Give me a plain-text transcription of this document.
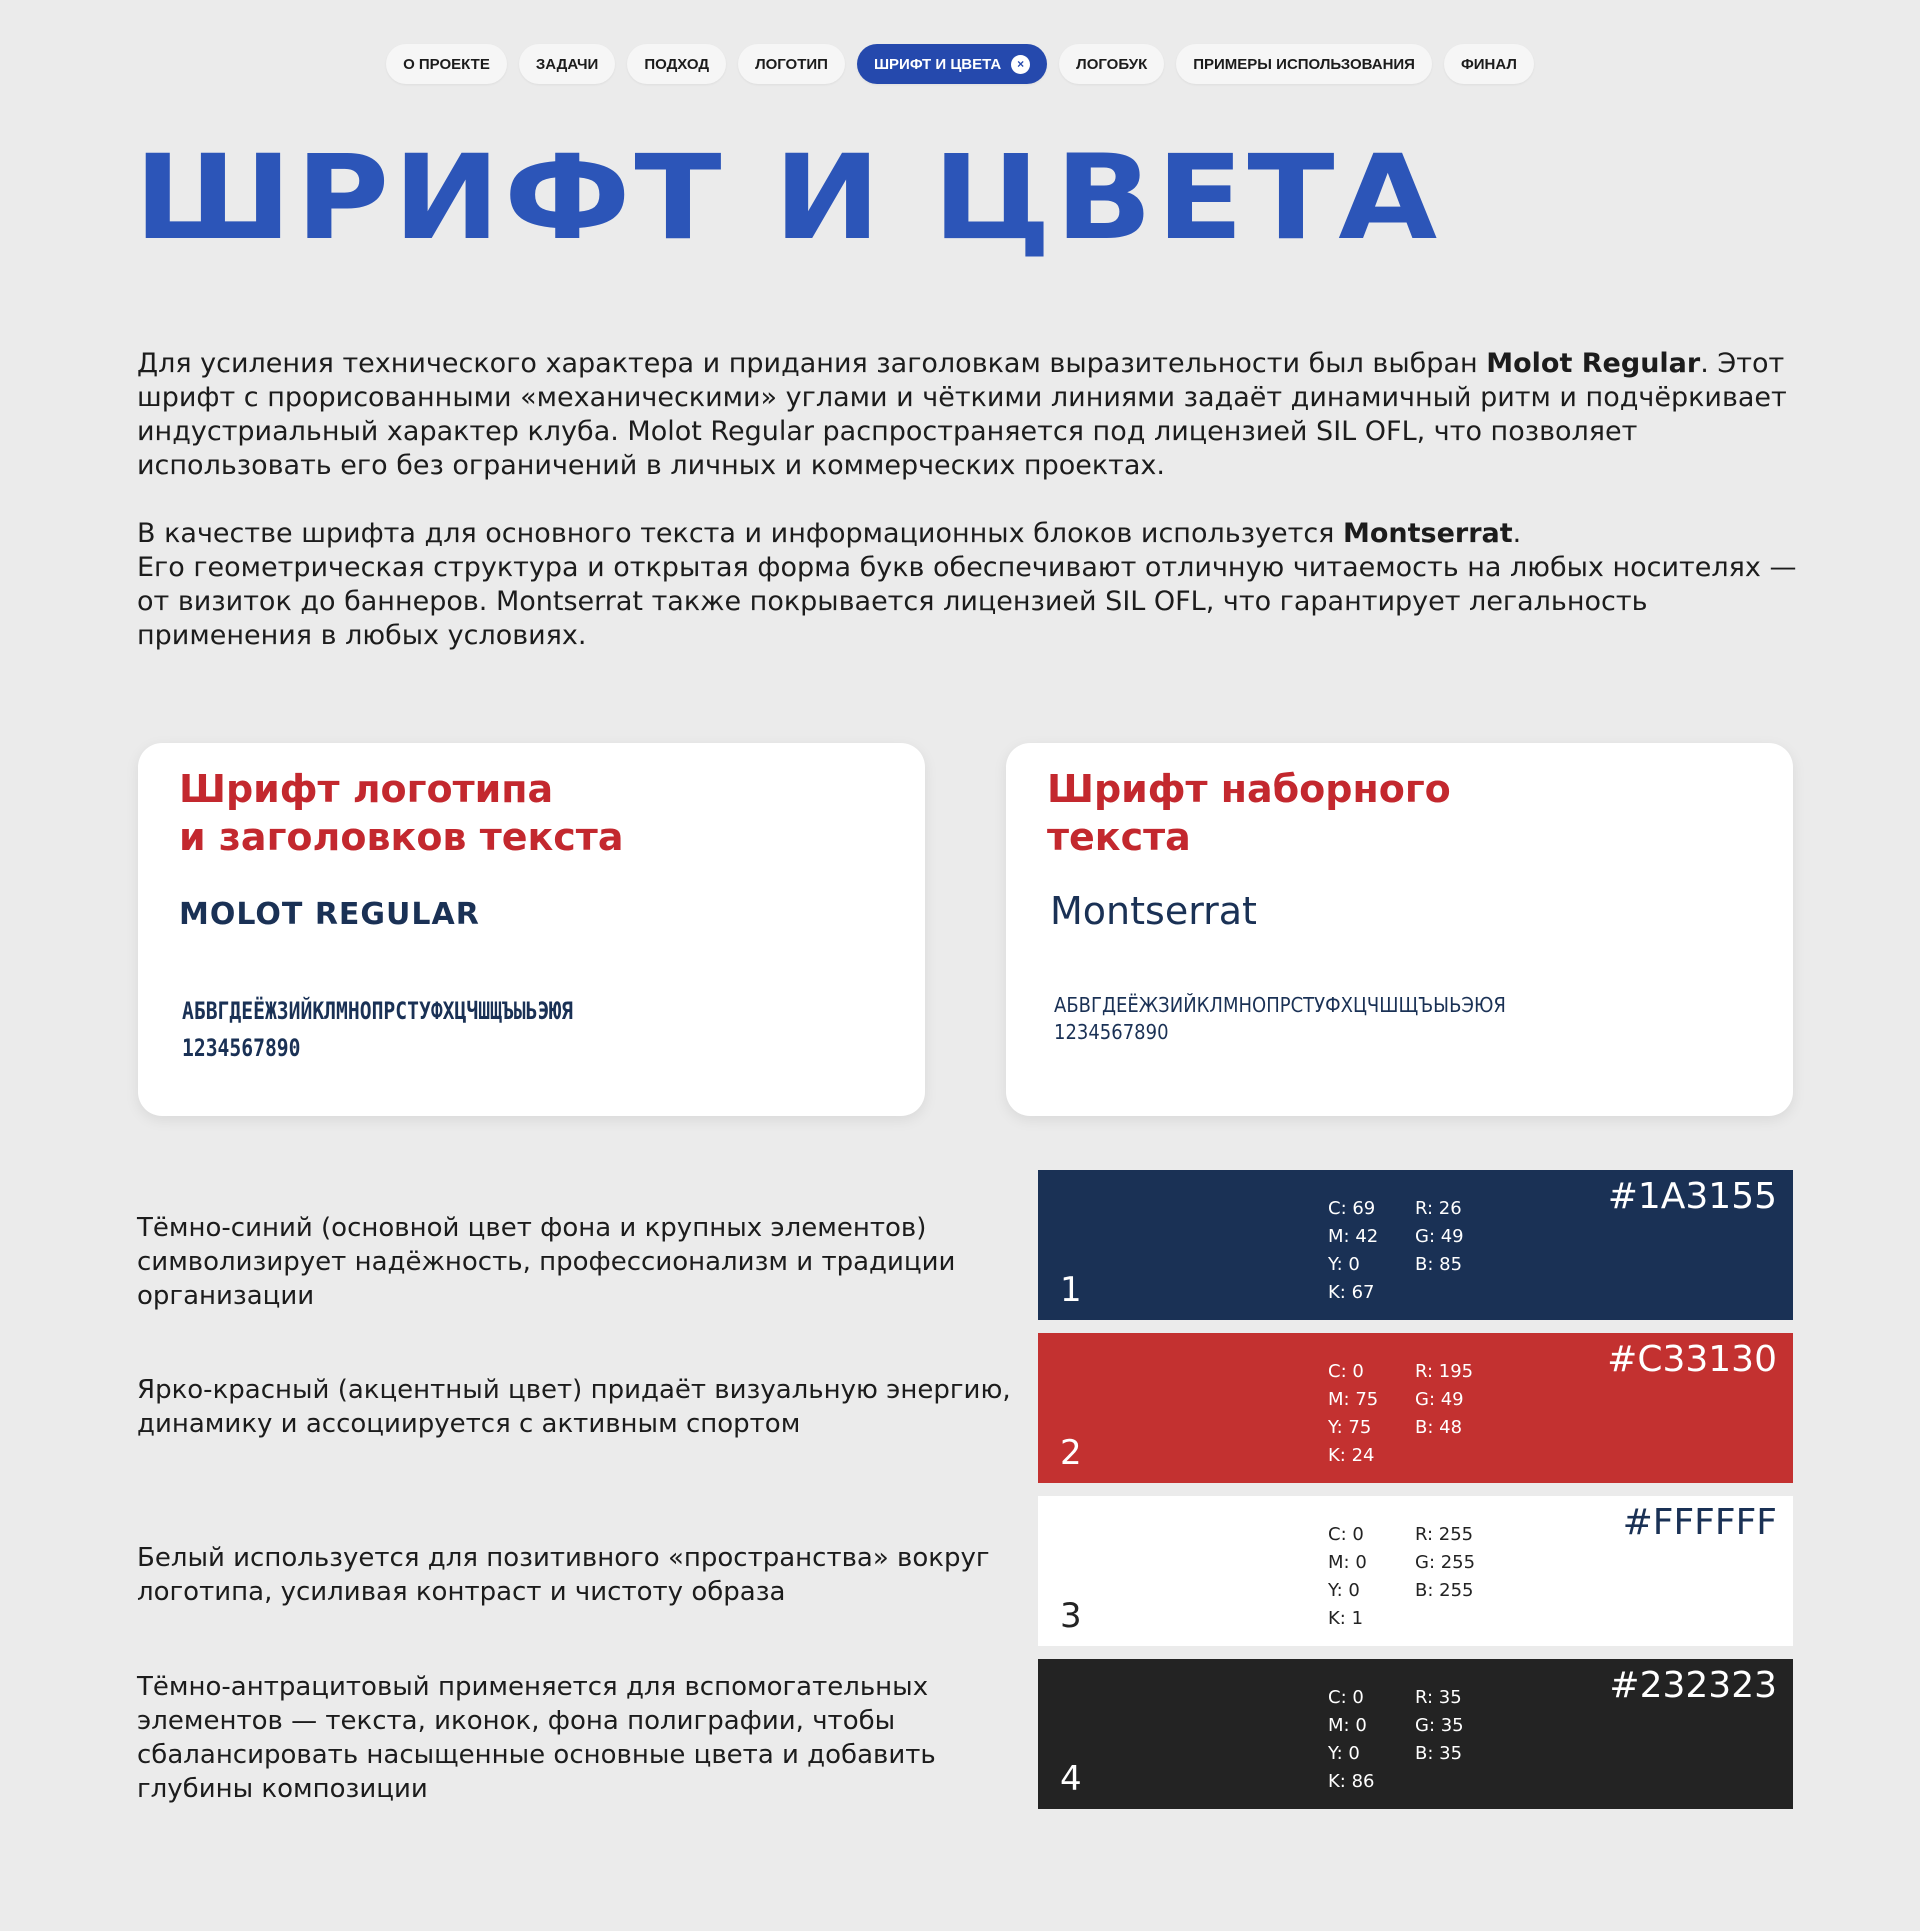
О ПРОЕКТЕ	ЗАДАЧИ	ПОДХОД	ЛОГОТИП	ШРИФТ И ЦВЕТА	×	ЛОГОБУК	ПРИМЕРЫ ИСПОЛЬЗОВАНИЯ	ФИНАЛ
ШРИФТ И ЦВЕТА

Для усиления технического характера и придания заголовкам выразительности был выбран Molot Regular. Этот шрифт с прорисованными «механическими» углами и чёткими линиями задаёт динамичный ритм и подчёркивает индустриальный характер клуба. Molot Regular распространяется под лицензией SIL OFL, что позволяет использовать его без ограничений в личных и коммерческих проектах.

В качестве шрифта для основного текста и информационных блоков используется Montserrat.
Его геометрическая структура и открытая форма букв обеспечивают отличную читаемость на любых носителях — от визиток до баннеров. Montserrat также покрывается лицензией SIL OFL, что гарантирует легальность применения в любых условиях.

Шрифт логотипа
и заголовков текста
MOLOT REGULAR
АБВГДЕЁЖЗИЙКЛМНОПРСТУФХЦЧШЩЪЫЬЭЮЯ
1234567890
Шрифт наборного
текста
Montserrat
АБВГДЕЁЖЗИЙКЛМНОПРСТУФХЦЧШЩЪЫЬЭЮЯ
1234567890

Тёмно-синий (основной цвет фона и крупных элементов) символизирует надёжность, профессионализм и традиции организации

Ярко-красный (акцентный цвет) придаёт визуальную энергию, динамику и ассоциируется с активным спортом

Белый используется для позитивного «пространства» вокруг логотипа, усиливая контраст и чистоту образа

Тёмно-антрацитовый применяется для вспомогательных элементов — текста, иконок, фона полиграфии, чтобы сбалансировать насыщенные основные цвета и добавить глубины композиции

1
#1A3155
C: 69
M: 42
Y: 0
K: 67
R: 26
G: 49
B: 85
2
#C33130
C: 0
M: 75
Y: 75
K: 24
R: 195
G: 49
B: 48
3
#FFFFFF
C: 0
M: 0
Y: 0
K: 1
R: 255
G: 255
B: 255
4
#232323
C: 0
M: 0
Y: 0
K: 86
R: 35
G: 35
B: 35
